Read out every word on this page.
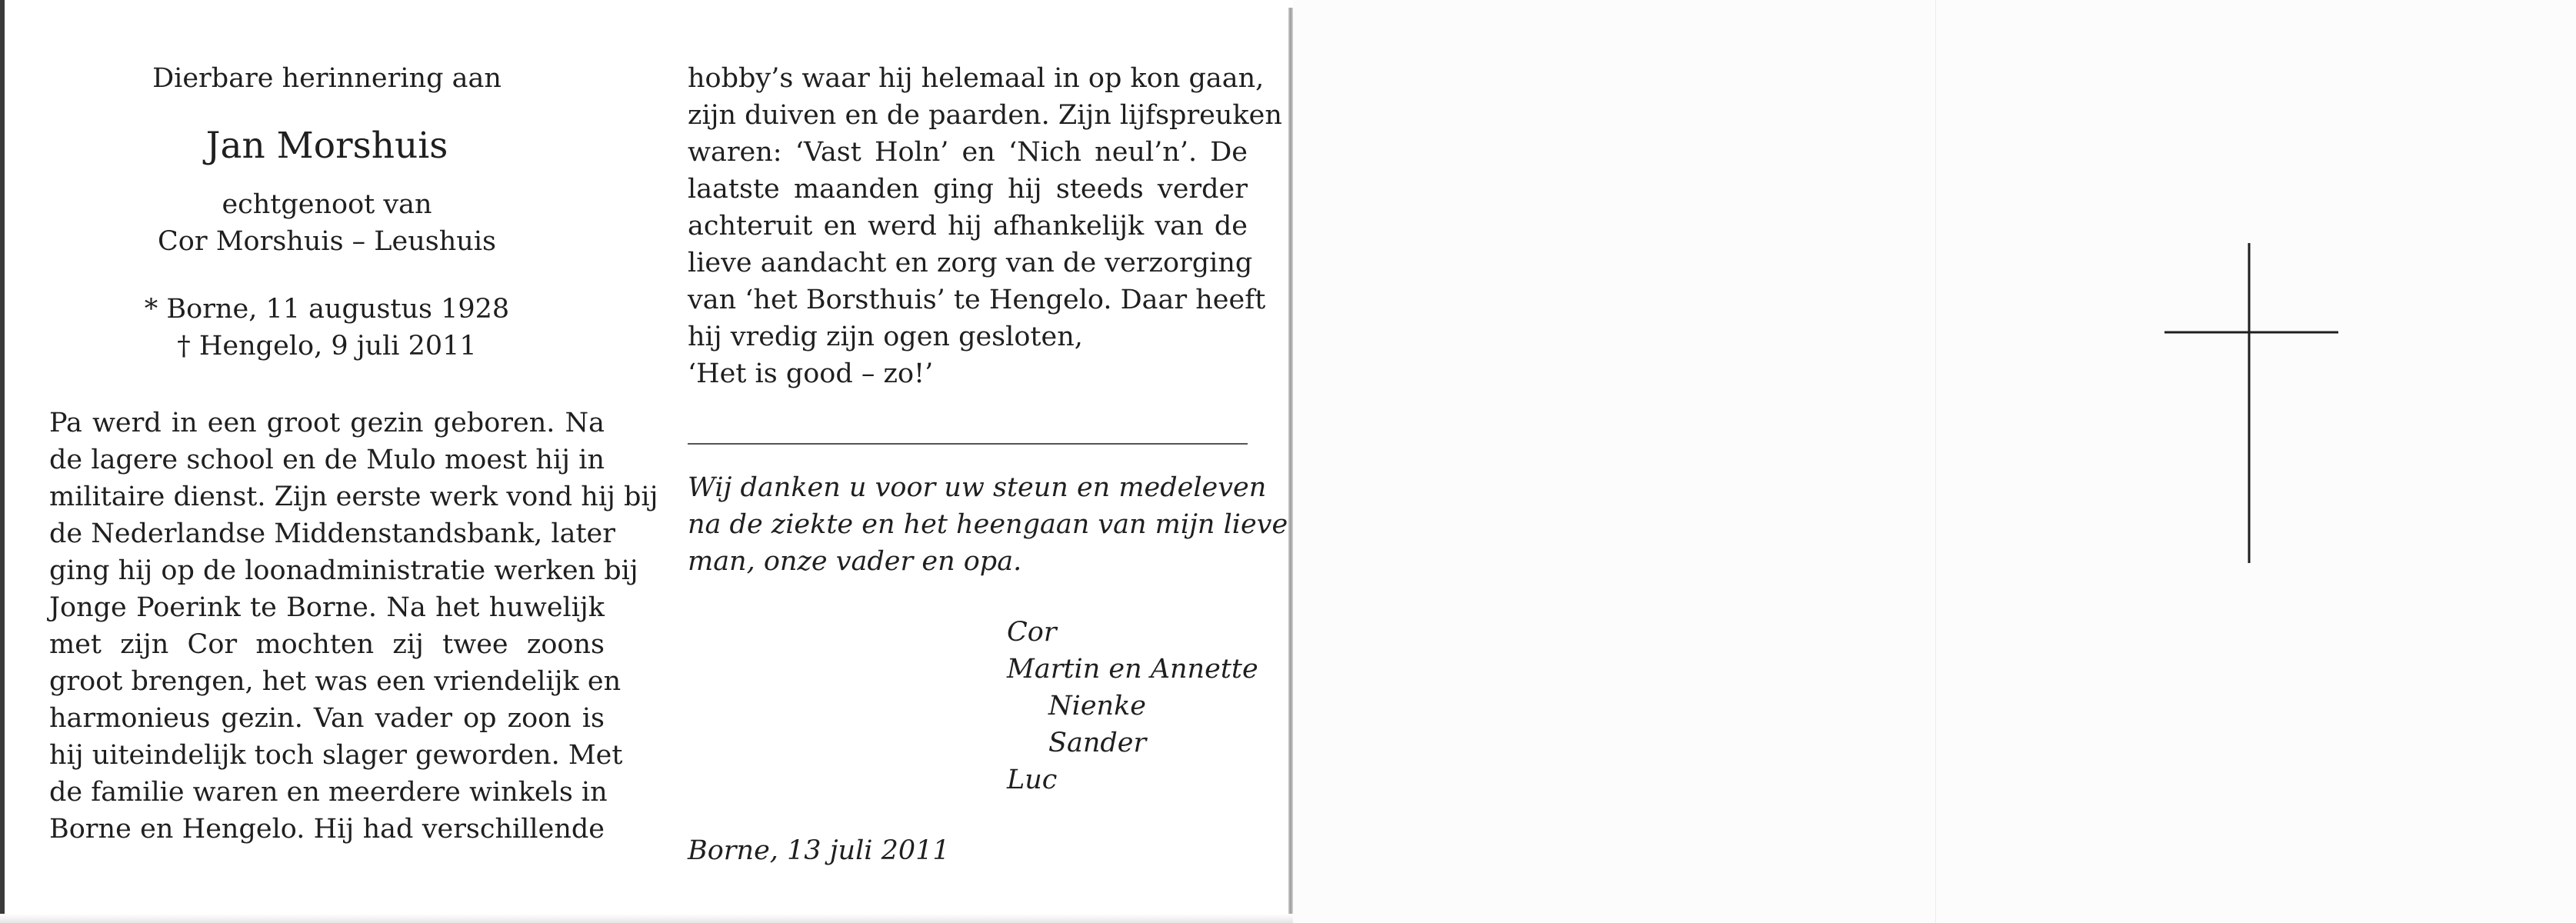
Dierbare herinnering aan
Jan Morshuis
echtgenoot van
Cor Morshuis – Leushuis
* Borne, 11 augustus 1928
† Hengelo, 9 juli 2011
Pa werd in een groot gezin geboren. Na
de lagere school en de Mulo moest hij in
militaire dienst. Zijn eerste werk vond hij bij
de Nederlandse Middenstandsbank, later
ging hij op de loonadministratie werken bij
Jonge Poerink te Borne. Na het huwelijk
met zijn Cor mochten zij twee zoons
groot brengen, het was een vriendelijk en
harmonieus gezin. Van vader op zoon is
hij uiteindelijk toch slager geworden. Met
de familie waren en meerdere winkels in
Borne en Hengelo. Hij had verschillende
hobby’s waar hij helemaal in op kon gaan,
zijn duiven en de paarden. Zijn lijfspreuken
waren: ‘Vast Holn’ en ‘Nich neul’n’. De
laatste maanden ging hij steeds verder
achteruit en werd hij afhankelijk van de
lieve aandacht en zorg van de verzorging
van ‘het Borsthuis’ te Hengelo. Daar heeft
hij vredig zijn ogen gesloten,
‘Het is good – zo!’
Wij danken u voor uw steun en medeleven
na de ziekte en het heengaan van mijn lieve
man, onze vader en opa.
Cor
Martin en Annette
Nienke
Sander
Luc
Borne, 13 juli 2011
